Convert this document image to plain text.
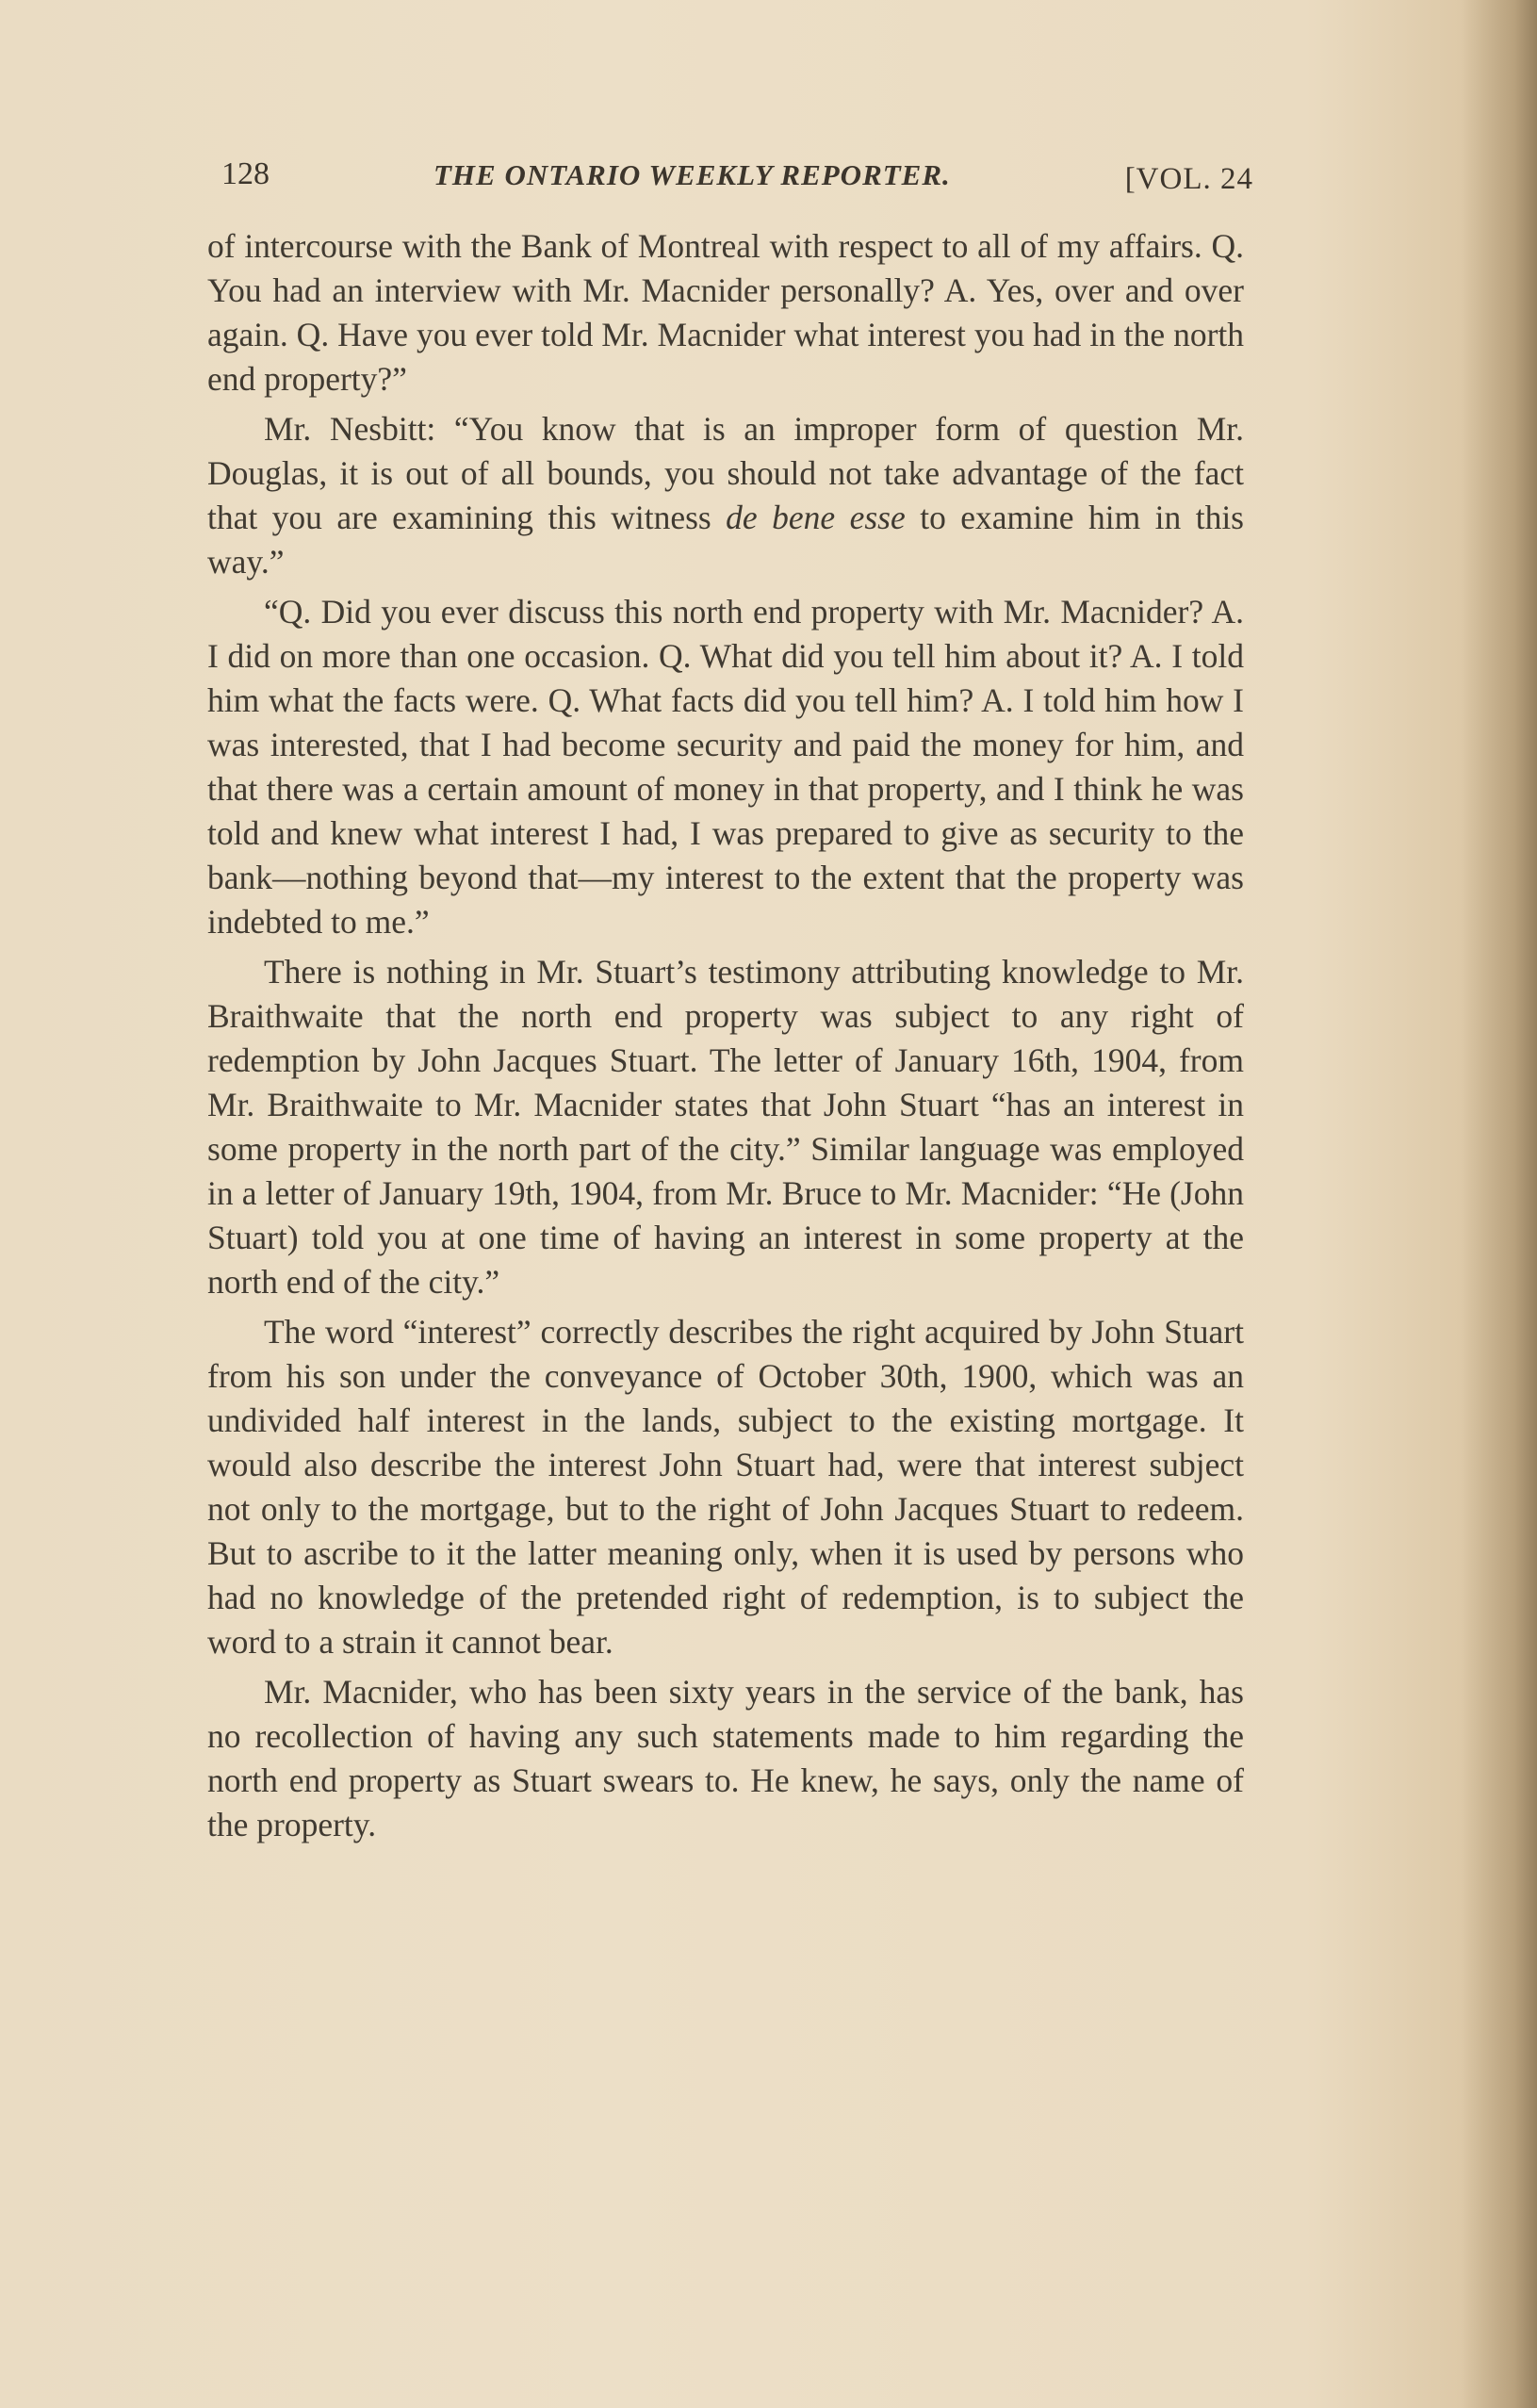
128	THE ONTARIO WEEKLY REPORTER.	[VOL. 24

of intercourse with the Bank of Montreal with respect to all of my affairs. Q. You had an interview with Mr. Macnider personally? A. Yes, over and over again. Q. Have you ever told Mr. Macnider what interest you had in the north end property?”

Mr. Nesbitt: “You know that is an improper form of question Mr. Douglas, it is out of all bounds, you should not take advantage of the fact that you are examining this witness de bene esse to examine him in this way.”

“Q. Did you ever discuss this north end property with Mr. Macnider? A. I did on more than one occasion. Q. What did you tell him about it? A. I told him what the facts were. Q. What facts did you tell him? A. I told him how I was interested, that I had become security and paid the money for him, and that there was a certain amount of money in that property, and I think he was told and knew what interest I had, I was prepared to give as security to the bank—nothing beyond that—my interest to the extent that the property was indebted to me.”

There is nothing in Mr. Stuart’s testimony attributing knowledge to Mr. Braithwaite that the north end property was subject to any right of redemption by John Jacques Stuart. The letter of January 16th, 1904, from Mr. Braithwaite to Mr. Macnider states that John Stuart “has an interest in some property in the north part of the city.” Similar language was employed in a letter of January 19th, 1904, from Mr. Bruce to Mr. Macnider: “He (John Stuart) told you at one time of having an interest in some property at the north end of the city.”

The word “interest” correctly describes the right acquired by John Stuart from his son under the conveyance of October 30th, 1900, which was an undivided half interest in the lands, subject to the existing mortgage. It would also describe the interest John Stuart had, were that interest subject not only to the mortgage, but to the right of John Jacques Stuart to redeem. But to ascribe to it the latter meaning only, when it is used by persons who had no knowledge of the pretended right of redemption, is to subject the word to a strain it cannot bear.

Mr. Macnider, who has been sixty years in the service of the bank, has no recollection of having any such statements made to him regarding the north end property as Stuart swears to. He knew, he says, only the name of the property.
